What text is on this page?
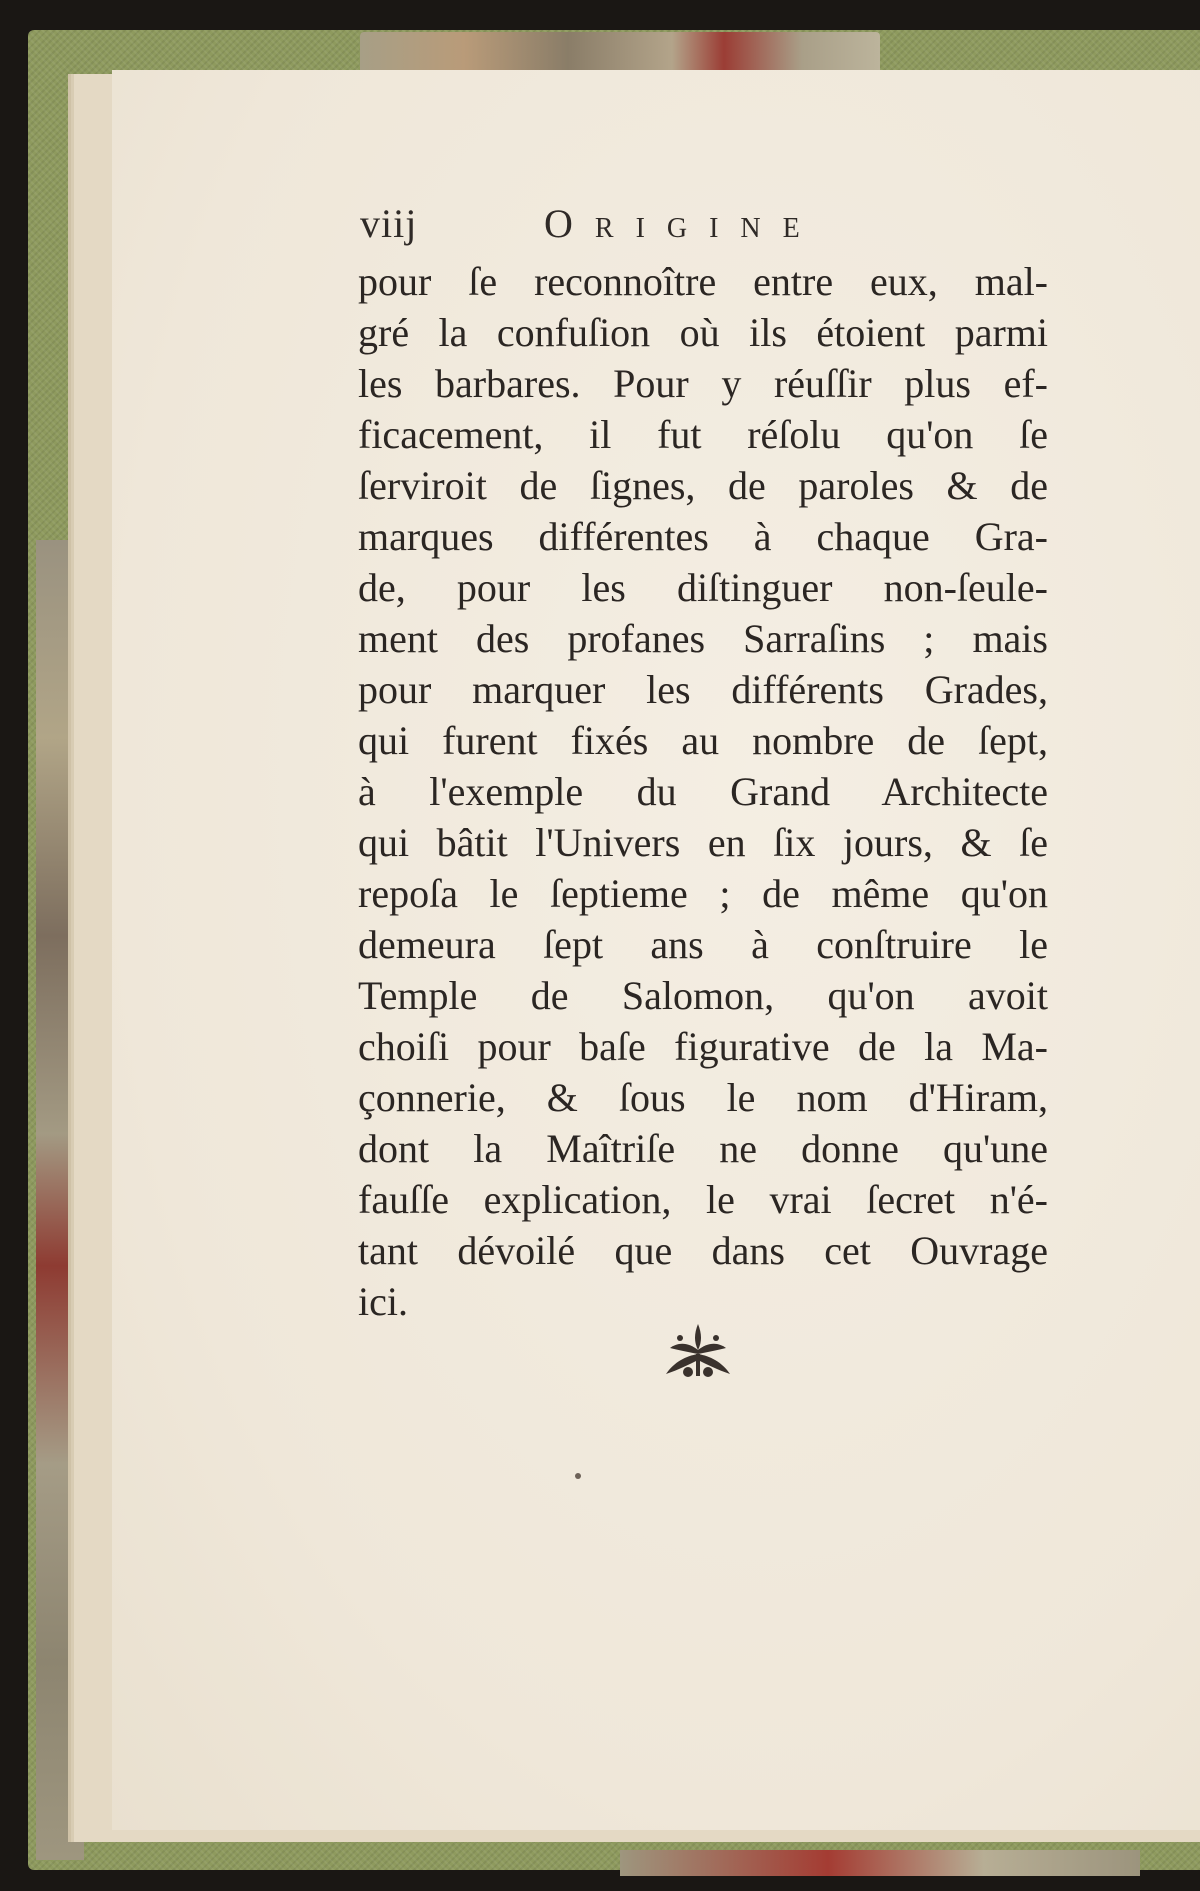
viij	Origine
pour ſe reconnoître entre eux, mal-
gré la confuſion où ils étoient parmi
les barbares. Pour y réuſſir plus ef-
ficacement, il fut réſolu qu'on ſe
ſerviroit de ſignes, de paroles & de
marques différentes à chaque Gra-
de, pour les diſtinguer non-ſeule-
ment des profanes Sarraſins ; mais
pour marquer les différents Grades,
qui furent fixés au nombre de ſept,
à l'exemple du Grand Architecte
qui bâtit l'Univers en ſix jours, & ſe
repoſa le ſeptieme ; de même qu'on
demeura ſept ans à conſtruire le
Temple de Salomon, qu'on avoit
choiſi pour baſe figurative de la Ma-
çonnerie, & ſous le nom d'Hiram,
dont la Maîtriſe ne donne qu'une
fauſſe explication, le vrai ſecret n'é-
tant dévoilé que dans cet Ouvrage
ici.
